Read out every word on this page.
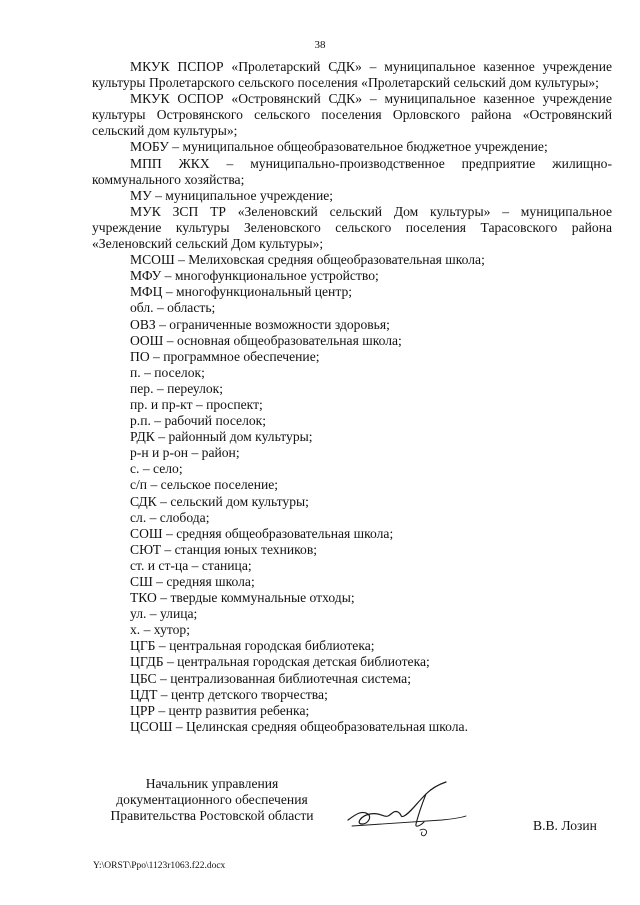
38

МКУК ПСПОР «Пролетарский СДК» – муниципальное казенное учреждение культуры Пролетарского сельского поселения «Пролетарский сельский дом культуры»;

МКУК ОСПОР «Островянский СДК» – муниципальное казенное учреждение культуры Островянского сельского поселения Орловского района «Островянский сельский дом культуры»;

МОБУ – муниципальное общеобразовательное бюджетное учреждение;

МПП ЖКХ – муниципально-производственное предприятие жилищно-коммунального хозяйства;

МУ – муниципальное учреждение;

МУК ЗСП ТР «Зеленовский сельский Дом культуры» – муниципальное учреждение культуры Зеленовского сельского поселения Тарасовского района «Зеленовский сельский Дом культуры»;

МСОШ – Мелиховская средняя общеобразовательная школа;

МФУ – многофункциональное устройство;

МФЦ – многофункциональный центр;

обл. – область;

ОВЗ – ограниченные возможности здоровья;

ООШ – основная общеобразовательная школа;

ПО – программное обеспечение;

п. – поселок;

пер. – переулок;

пр. и пр-кт – проспект;

р.п. – рабочий поселок;

РДК – районный дом культуры;

р-н и р-он – район;

с. – село;

с/п – сельское поселение;

СДК – сельский дом культуры;

сл. – слобода;

СОШ – средняя общеобразовательная школа;

СЮТ – станция юных техников;

ст. и ст-ца – станица;

СШ – средняя школа;

ТКО – твердые коммунальные отходы;

ул. – улица;

х. – хутор;

ЦГБ – центральная городская библиотека;

ЦГДБ – центральная городская детская библиотека;

ЦБС – централизованная библиотечная система;

ЦДТ – центр детского творчества;

ЦРР – центр развития ребенка;

ЦСОШ – Целинская средняя общеобразовательная школа.

Начальник управления
документационного обеспечения
Правительства Ростовской области
В.В. Лозин
Y:\ORST\Ppo\1123r1063.f22.docx
